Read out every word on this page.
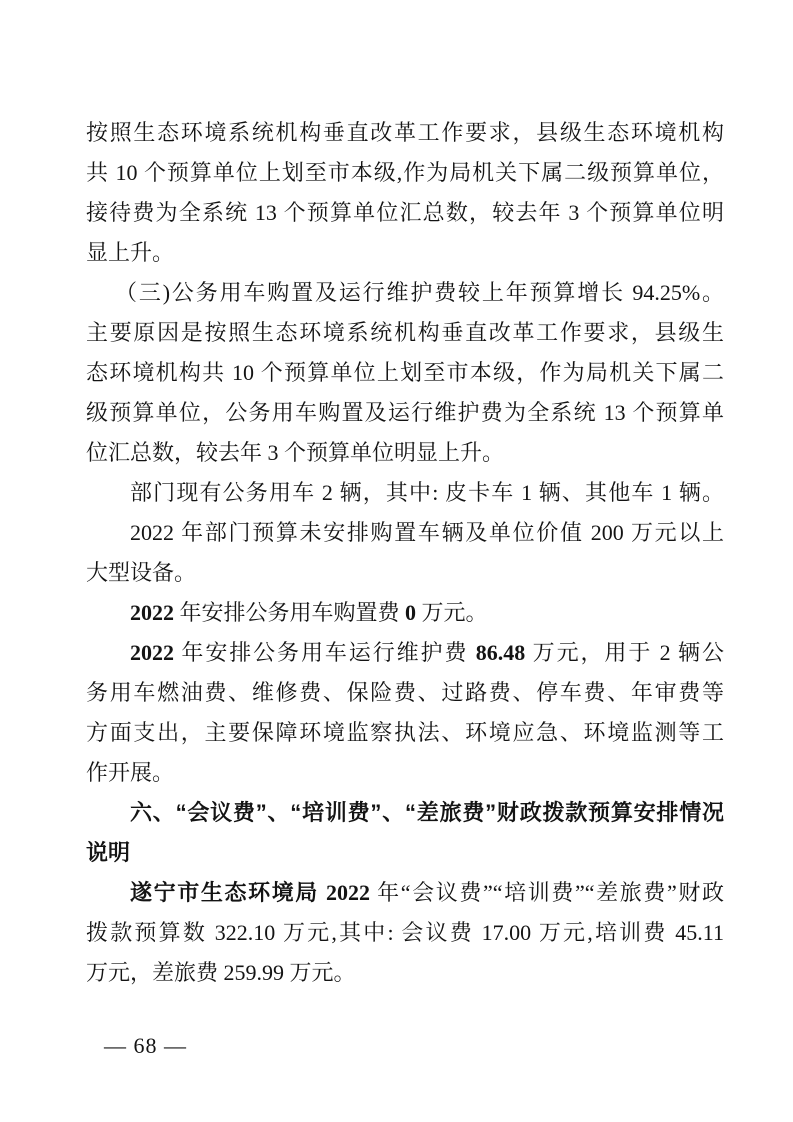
按照生态环境系统机构垂直改革工作要求，县级生态环境机构
共 10 个预算单位上划至市本级,作为局机关下属二级预算单位，
接待费为全系统 13 个预算单位汇总数，较去年 3 个预算单位明
显上升。
（三)公务用车购置及运行维护费较上年预算增长 94.25%。
主要原因是按照生态环境系统机构垂直改革工作要求，县级生
态环境机构共 10 个预算单位上划至市本级，作为局机关下属二
级预算单位，公务用车购置及运行维护费为全系统 13 个预算单
位汇总数，较去年 3 个预算单位明显上升。
部门现有公务用车 2 辆，其中: 皮卡车 1 辆、其他车 1 辆。
2022 年部门预算未安排购置车辆及单位价值 200 万元以上
大型设备。
2022 年安排公务用车购置费 0 万元。
2022 年安排公务用车运行维护费 86.48 万元，用于 2 辆公
务用车燃油费、维修费、保险费、过路费、停车费、年审费等
方面支出，主要保障环境监察执法、环境应急、环境监测等工
作开展。
六、“会议费”、“培训费”、“差旅费”财政拨款预算安排情况
说明
遂宁市生态环境局 2022 年“会议费”“培训费”“差旅费”财政
拨款预算数 322.10 万元,其中: 会议费 17.00 万元,培训费 45.11
万元，差旅费 259.99 万元。
— 68 —
